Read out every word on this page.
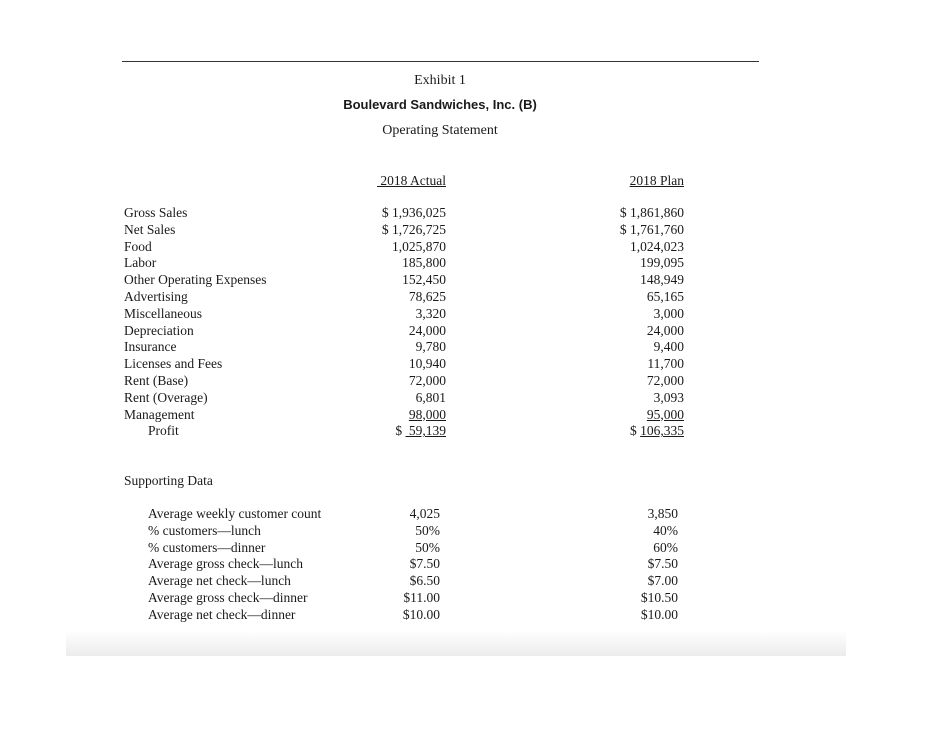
Exhibit 1
Boulevard Sandwiches, Inc. (B)
Operating Statement
2018 Actual	2018 Plan
Gross Sales
Net Sales
Food
Labor
Other Operating Expenses
Advertising
Miscellaneous
Depreciation
Insurance
Licenses and Fees
Rent (Base)
Rent (Overage)
Management
Profit
$ 1,936,025
$ 1,726,725
1,025,870
185,800
152,450
78,625
3,320
24,000
9,780
10,940
72,000
6,801
98,000
$  59,139
$ 1,861,860
$ 1,761,760
1,024,023
199,095
148,949
65,165
3,000
24,000
9,400
11,700
72,000
3,093
95,000
$ 106,335
Supporting Data
Average weekly customer count
% customers—lunch
% customers—dinner
Average gross check—lunch
Average net check—lunch
Average gross check—dinner
Average net check—dinner
4,025
50%
50%
$7.50
$6.50
$11.00
$10.00
3,850
40%
60%
$7.50
$7.00
$10.50
$10.00
